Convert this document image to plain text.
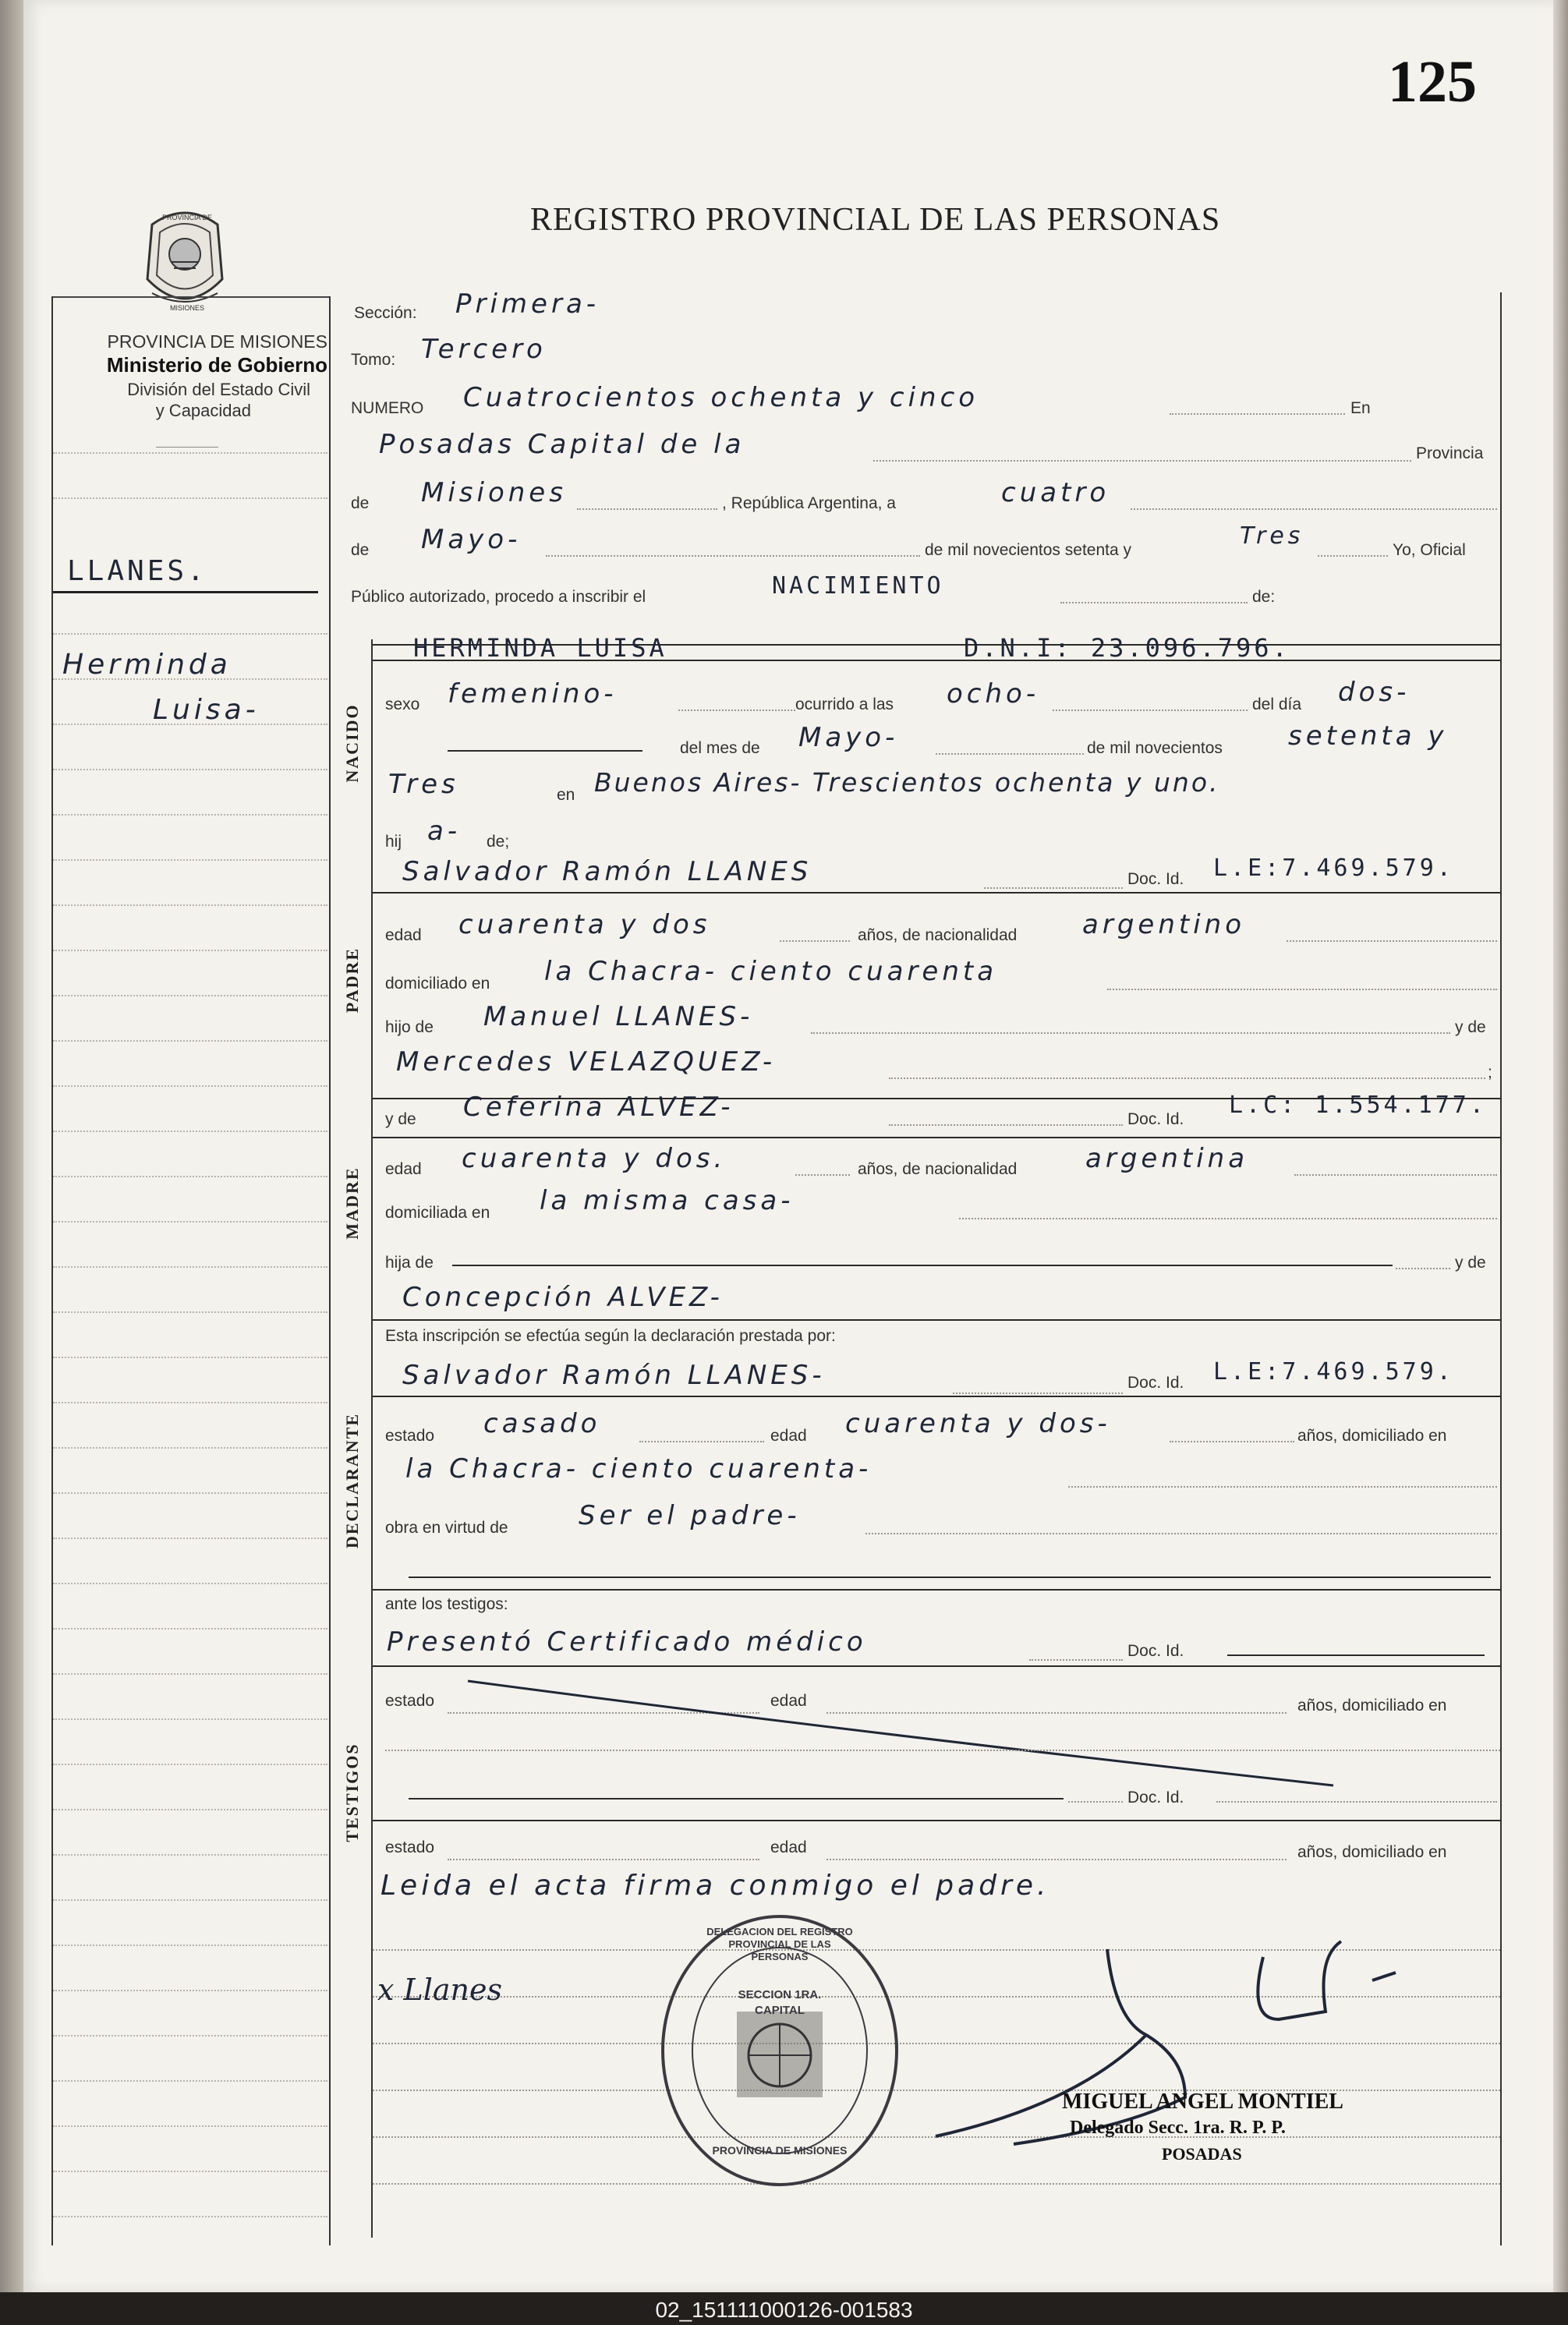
125
REGISTRO PROVINCIAL DE LAS PERSONAS
PROVINCIA DE
MISIONES
PROVINCIA DE MISIONES
Ministerio de Gobierno
División del Estado Civil
y Capacidad
LLANES.
Herminda
Luisa-
Sección: Primera-
Tomo: Tercero
NUMERO Cuatrocientos ochenta y cinco	En
Posadas Capital de la	Provincia
de Misiones	, República Argentina, a	cuatro
de Mayo-	de mil novecientos setenta y
Tres
Yo, Oficial
Público autorizado, procedo a inscribir el	NACIMIENTO	de:
NACIDO
HERMINDA LUISA	D.N.I: 23.096.796.
sexo femenino-	ocurrido a las ocho-	del día dos-
del mes de Mayo-	de mil novecientos setenta y
Tres	en Buenos Aires- Trescientos ochenta y uno.
hij a- de;
Salvador Ramón LLANES	Doc. Id. L.E:7.469.579.
PADRE
edad cuarenta y dos	años, de nacionalidad argentino
domiciliado en la Chacra- ciento cuarenta
hijo de Manuel LLANES-	y de
Mercedes VELAZQUEZ-	;
MADRE
y de Ceferina ALVEZ-	Doc. Id.
L.C: 1.554.177.
edad cuarenta y dos.	años, de nacionalidad	argentina
domiciliada en la misma casa-
hija de	y de
Concepción ALVEZ-
Esta inscripción se efectúa según la declaración prestada por:
Salvador Ramón LLANES-	Doc. Id. L.E:7.469.579.
DECLARANTE estado casado	edad cuarenta y dos-	años, domiciliado en
la Chacra- ciento cuarenta-
obra en virtud de	Ser el padre-
ante los testigos:
Presentó Certificado médico	Doc. Id.
TESTIGOS
estado	edad	años, domiciliado en
Doc. Id.
estado	edad	años, domiciliado en
Leida el acta firma conmigo el padre.
x Llanes
DELEGACION DEL REGISTRO PROVINCIAL DE LAS PERSONAS
SECCION 1RA.
CAPITAL
PROVINCIA DE MISIONES
MIGUEL ANGEL MONTIEL
Delegado Secc. 1ra. R. P. P.
POSADAS
02_151111000126-001583
